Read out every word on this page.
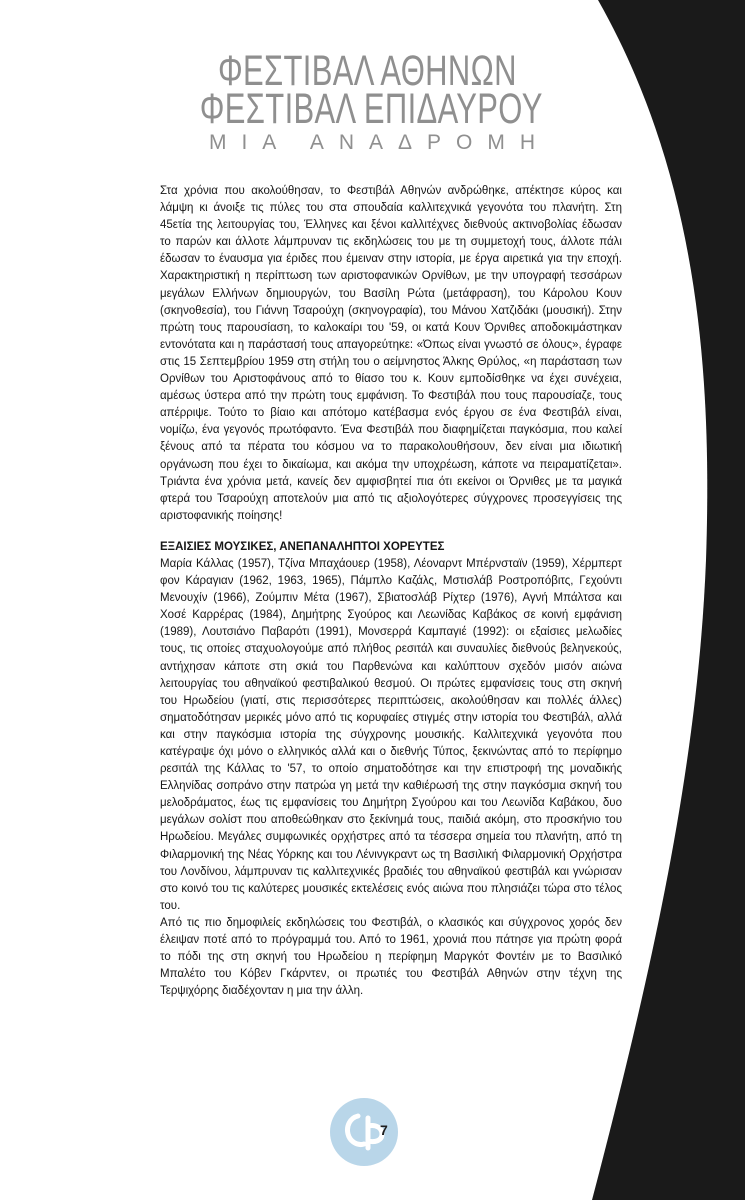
ΦΕΣΤΙΒΑΛ ΑΘΗΝΩΝ
ΦΕΣΤΙΒΑΛ ΕΠΙΔΑΥΡΟΥ
ΜΙΑ ΑΝΑΔΡΟΜΗ

Στα χρόνια που ακολούθησαν, το Φεστιβάλ Αθηνών ανδρώθηκε, απέκτησε κύρος και λάμψη κι άνοιξε τις πύλες του στα σπουδαία καλλιτεχνικά γεγονότα του πλανήτη. Στη 45ετία της λειτουργίας του, Έλληνες και ξένοι καλλιτέχνες διεθνούς ακτινοβολίας έδωσαν το παρών και άλλοτε λάμπρυναν τις εκδηλώσεις του με τη συμμετοχή τους, άλλοτε πάλι έδωσαν το έναυσμα για έριδες που έμειναν στην ιστορία, με έργα αιρετικά για την εποχή. Χαρακτηριστική η περίπτωση των αριστοφανικών Ορνίθων, με την υπογραφή τεσσάρων μεγάλων Ελλήνων δημιουργών, του Βασίλη Ρώτα (μετάφραση), του Κάρολου Κουν (σκηνοθεσία), του Γιάννη Τσαρούχη (σκηνογραφία), του Μάνου Χατζιδάκι (μουσική). Στην πρώτη τους παρουσίαση, το καλοκαίρι του '59, οι κατά Κουν Όρνιθες αποδοκιμάστηκαν εντονότατα και η παράστασή τους απαγορεύτηκε: «Όπως είναι γνωστό σε όλους», έγραφε στις 15 Σεπτεμβρίου 1959 στη στήλη του ο αείμνηστος Άλκης Θρύλος, «η παράσταση των Ορνίθων του Αριστοφάνους από το θίασο του κ. Κουν εμποδίσθηκε να έχει συνέχεια, αμέσως ύστερα από την πρώτη τους εμφάνιση. Το Φεστιβάλ που τους παρουσίαζε, τους απέρριψε. Τούτο το βίαιο και απότομο κατέβασμα ενός έργου σε ένα Φεστιβάλ είναι, νομίζω, ένα γεγονός πρωτόφαντο. Ένα Φεστιβάλ που διαφημίζεται παγκόσμια, που καλεί ξένους από τα πέρατα του κόσμου να το παρακολουθήσουν, δεν είναι μια ιδιωτική οργάνωση που έχει το δικαίωμα, και ακόμα την υποχρέωση, κάποτε να πειραματίζεται». Τριάντα ένα χρόνια μετά, κανείς δεν αμφισβητεί πια ότι εκείνοι οι Όρνιθες με τα μαγικά φτερά του Τσαρούχη αποτελούν μια από τις αξιολογότερες σύγχρονες προσεγγίσεις της αριστοφανικής ποίησης!

ΕΞΑΙΣΙΕΣ ΜΟΥΣΙΚΕΣ, ΑΝΕΠΑΝΑΛΗΠΤΟΙ ΧΟΡΕΥΤΕΣ

Μαρία Κάλλας (1957), Τζίνα Μπαχάουερ (1958), Λέοναρντ Μπέρνσταϊν (1959), Χέρμπερτ φον Κάραγιαν (1962, 1963, 1965), Πάμπλο Καζάλς, Μστισλάβ Ροστροπόβιτς, Γεχούντι Μενουχίν (1966), Ζούμπιν Μέτα (1967), Σβιατοσλάβ Ρίχτερ (1976), Αγνή Μπάλτσα και Χοσέ Καρρέρας (1984), Δημήτρης Σγούρος και Λεωνίδας Καβάκος σε κοινή εμφάνιση (1989), Λουτσιάνο Παβαρότι (1991), Μονσερρά Καμπαγιέ (1992): οι εξαίσιες μελωδίες τους, τις οποίες σταχυολογούμε από πλήθος ρεσιτάλ και συναυλίες διεθνούς βεληνεκούς, αντήχησαν κάποτε στη σκιά του Παρθενώνα και καλύπτουν σχεδόν μισόν αιώνα λειτουργίας του αθηναϊκού φεστιβαλικού θεσμού. Οι πρώτες εμφανίσεις τους στη σκηνή του Ηρωδείου (γιατί, στις περισσότερες περιπτώσεις, ακολούθησαν και πολλές άλλες) σηματοδότησαν μερικές μόνο από τις κορυφαίες στιγμές στην ιστορία του Φεστιβάλ, αλλά και στην παγκόσμια ιστορία της σύγχρονης μουσικής. Καλλιτεχνικά γεγονότα που κατέγραψε όχι μόνο ο ελληνικός αλλά και ο διεθνής Τύπος, ξεκινώντας από το περίφημο ρεσιτάλ της Κάλλας το '57, το οποίο σηματοδότησε και την επιστροφή της μοναδικής Ελληνίδας σοπράνο στην πατρώα γη μετά την καθιέρωσή της στην παγκόσμια σκηνή του μελοδράματος, έως τις εμφανίσεις του Δημήτρη Σγούρου και του Λεωνίδα Καβάκου, δυο μεγάλων σολίστ που αποθεώθηκαν στο ξεκίνημά τους, παιδιά ακόμη, στο προσκήνιο του Ηρωδείου. Μεγάλες συμφωνικές ορχήστρες από τα τέσσερα σημεία του πλανήτη, από τη Φιλαρμονική της Νέας Υόρκης και του Λένινγκραντ ως τη Βασιλική Φιλαρμονική Ορχήστρα του Λονδίνου, λάμπρυναν τις καλλιτεχνικές βραδιές του αθηναϊκού φεστιβάλ και γνώρισαν στο κοινό του τις καλύτερες μουσικές εκτελέσεις ενός αιώνα που πλησιάζει τώρα στο τέλος του.

Από τις πιο δημοφιλείς εκδηλώσεις του Φεστιβάλ, ο κλασικός και σύγχρονος χορός δεν έλειψαν ποτέ από το πρόγραμμά του. Από το 1961, χρονιά που πάτησε για πρώτη φορά το πόδι της στη σκηνή του Ηρωδείου η περίφημη Μαργκότ Φοντέιν με το Βασιλικό Μπαλέτο του Κόβεν Γκάρντεν, οι πρωτιές του Φεστιβάλ Αθηνών στην τέχνη της Τερψιχόρης διαδέχονταν η μια την άλλη.

7
